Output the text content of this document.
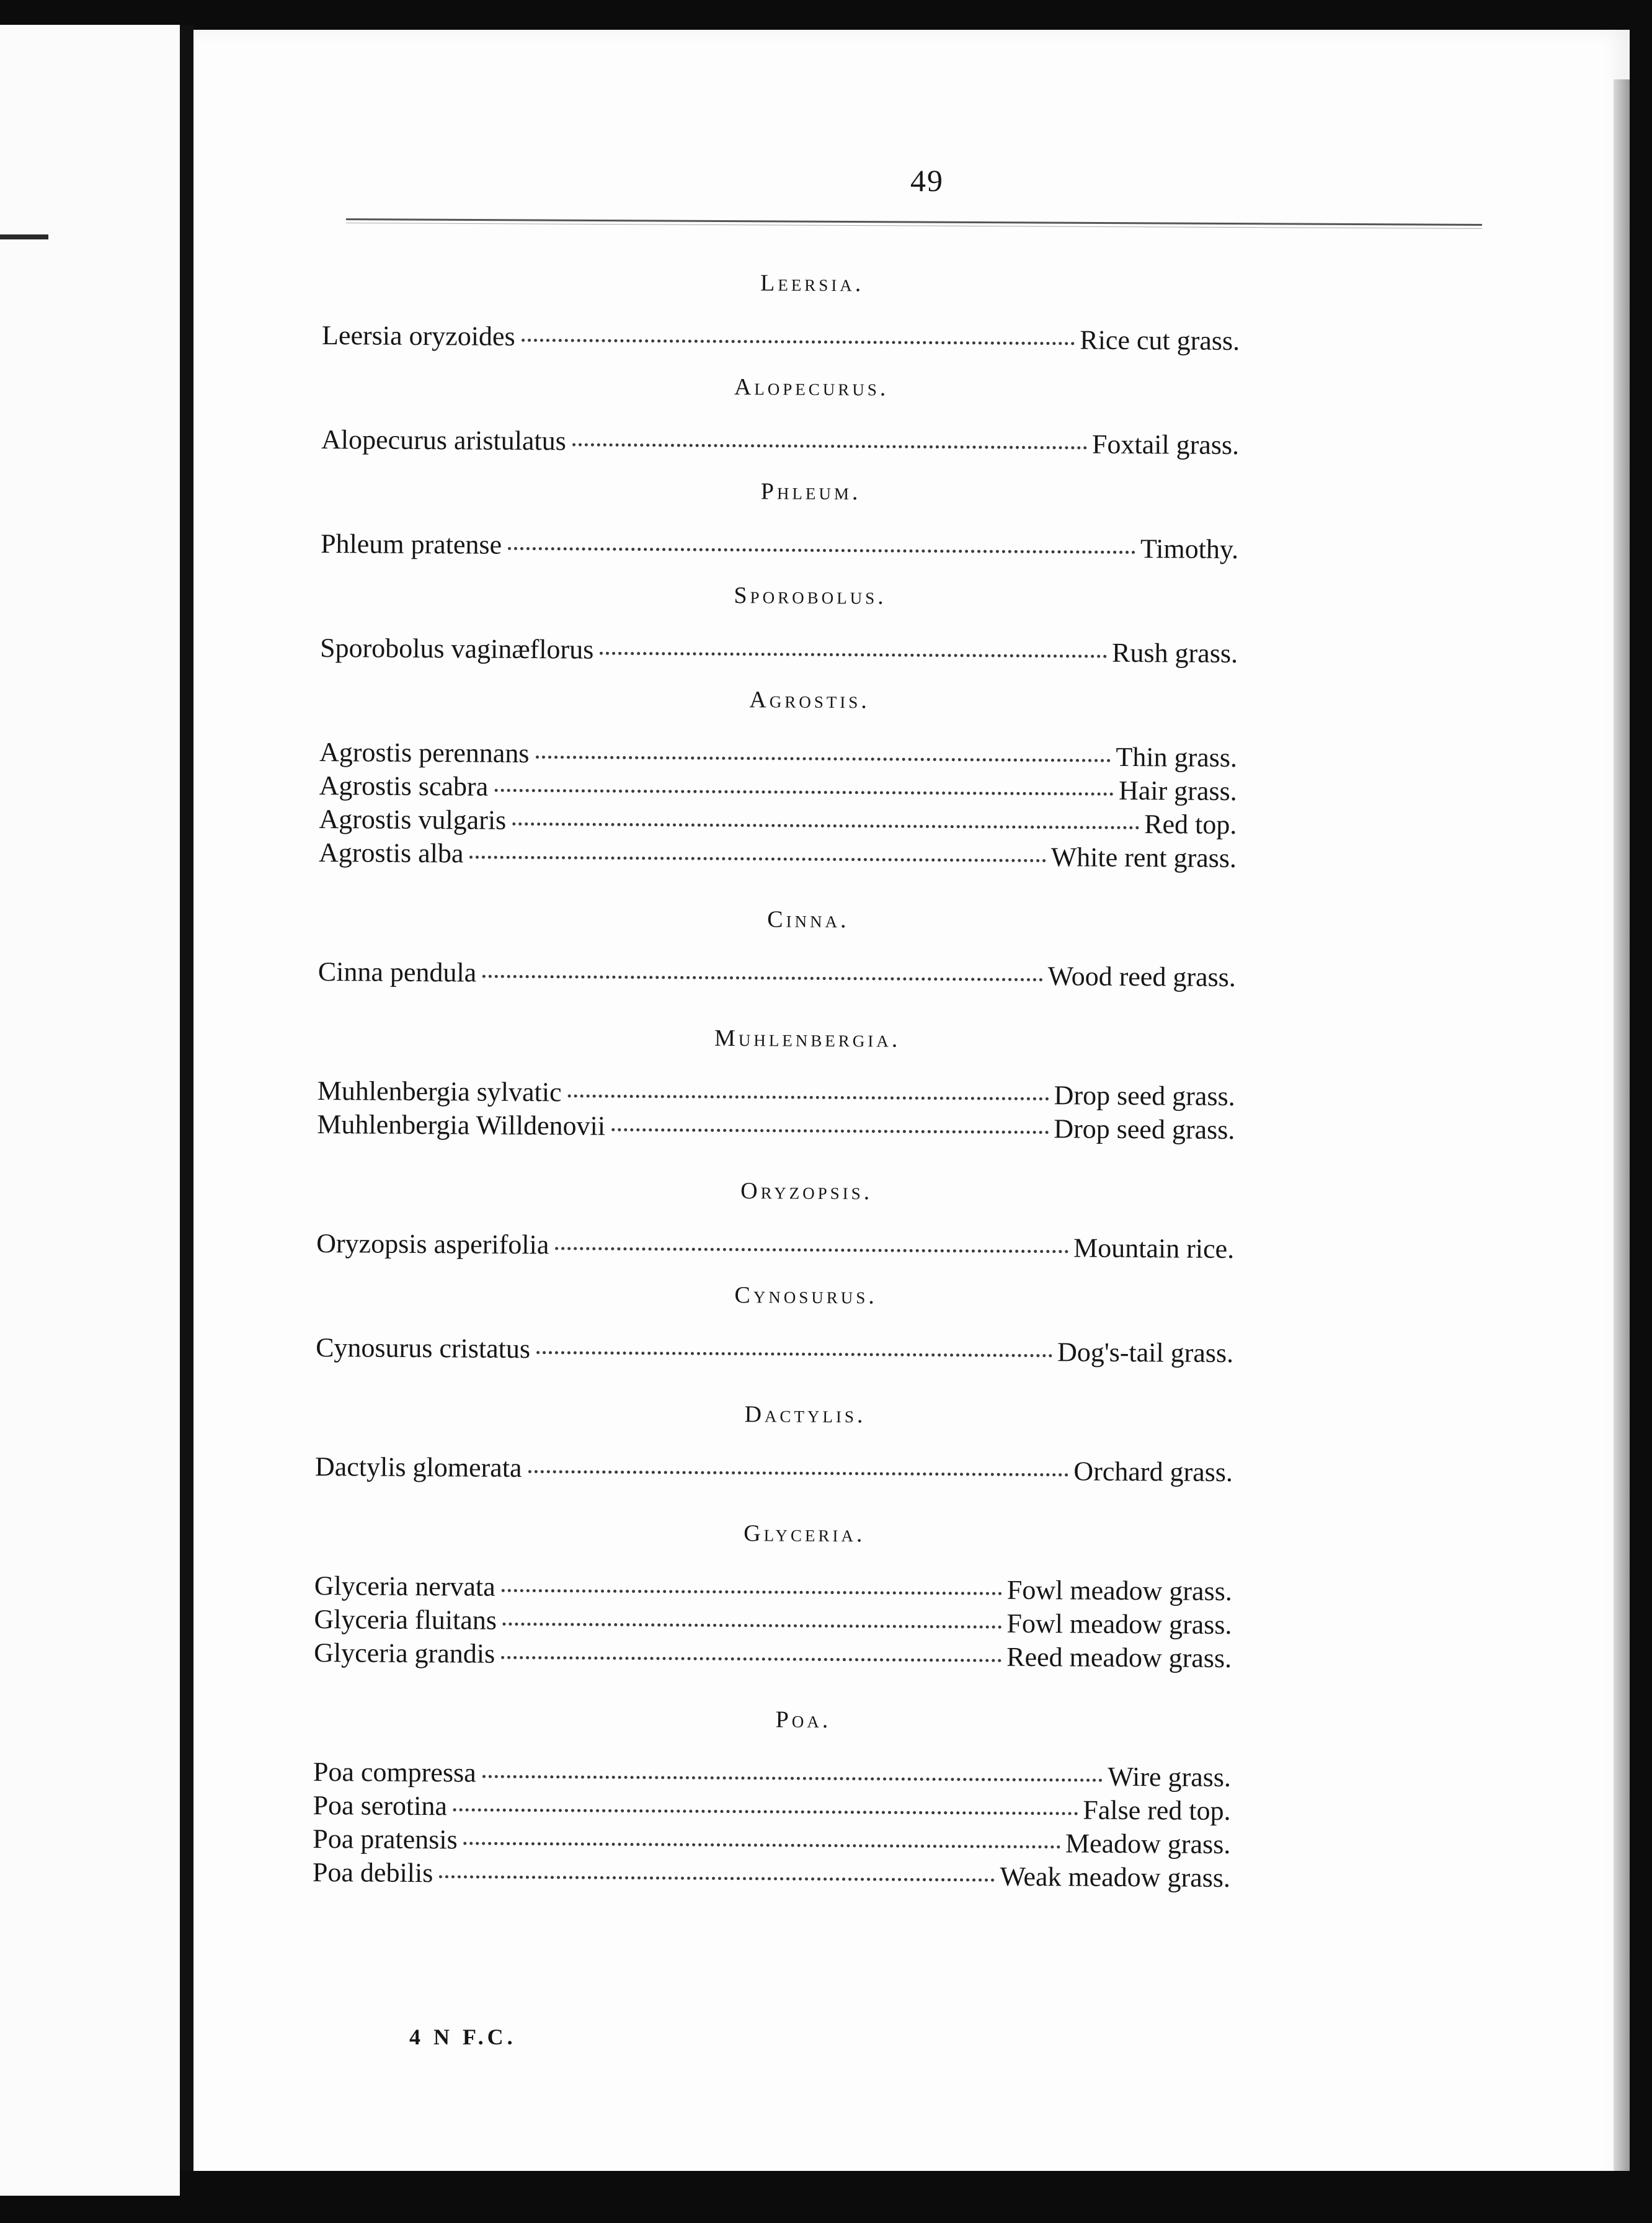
49
Leersia.
Leersia oryzoides	Rice cut grass.
Alopecurus.
Alopecurus aristulatus	Foxtail grass.
Phleum.
Phleum pratense	Timothy.
Sporobolus.
Sporobolus vaginæflorus	Rush grass.
Agrostis.
Agrostis perennans	Thin grass.
Agrostis scabra	Hair grass.
Agrostis vulgaris	Red top.
Agrostis alba	White rent grass.
Cinna.
Cinna pendula	Wood reed grass.
Muhlenbergia.
Muhlenbergia sylvatic	Drop seed grass.
Muhlenbergia Willdenovii	Drop seed grass.
Oryzopsis.
Oryzopsis asperifolia	Mountain rice.
Cynosurus.
Cynosurus cristatus	Dog's-tail grass.
Dactylis.
Dactylis glomerata	Orchard grass.
Glyceria.
Glyceria nervata	Fowl meadow grass.
Glyceria fluitans	Fowl meadow grass.
Glyceria grandis	Reed meadow grass.
Poa.
Poa compressa	Wire grass.
Poa serotina	False red top.
Poa pratensis	Meadow grass.
Poa debilis	Weak meadow grass.
4 N F.C.
